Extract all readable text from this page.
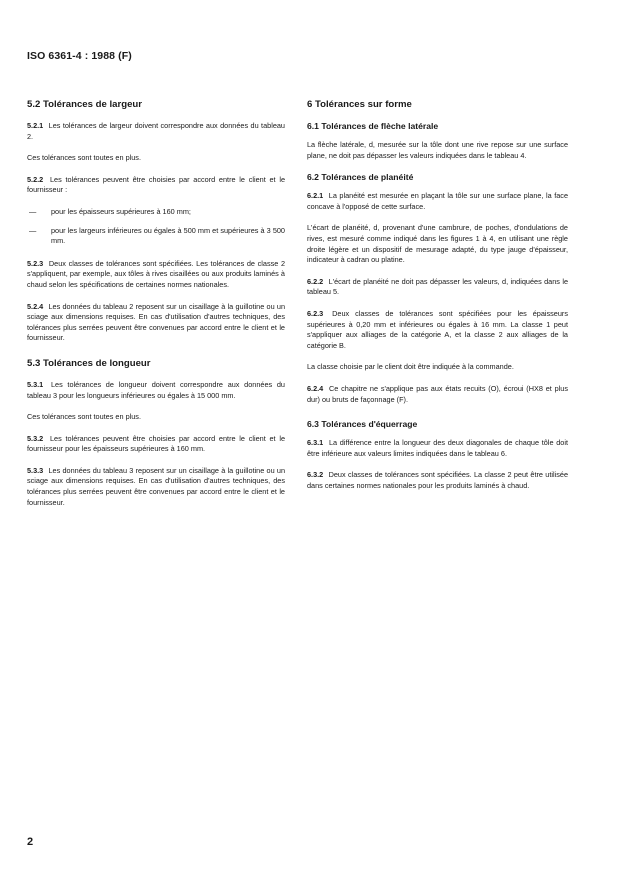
ISO 6361-4 : 1988 (F)
5.2 Tolérances de largeur

5.2.1 Les tolérances de largeur doivent correspondre aux données du tableau 2.

Ces tolérances sont toutes en plus.

5.2.2 Les tolérances peuvent être choisies par accord entre le client et le fournisseur :

—	pour les épaisseurs supérieures à 160 mm;
—	pour les largeurs inférieures ou égales à 500 mm et supérieures à 3 500 mm.

5.2.3 Deux classes de tolérances sont spécifiées. Les tolérances de classe 2 s'appliquent, par exemple, aux tôles à rives cisaillées ou aux produits laminés à chaud selon les spécifications de certaines normes nationales.

5.2.4 Les données du tableau 2 reposent sur un cisaillage à la guillotine ou un sciage aux dimensions requises. En cas d'utilisation d'autres techniques, des tolérances plus serrées peuvent être convenues par accord entre le client et le fournisseur.

5.3 Tolérances de longueur

5.3.1 Les tolérances de longueur doivent correspondre aux données du tableau 3 pour les longueurs inférieures ou égales à 15 000 mm.

Ces tolérances sont toutes en plus.

5.3.2 Les tolérances peuvent être choisies par accord entre le client et le fournisseur pour les épaisseurs supérieures à 160 mm.

5.3.3 Les données du tableau 3 reposent sur un cisaillage à la guillotine ou un sciage aux dimensions requises. En cas d'utilisation d'autres techniques, des tolérances plus serrées peuvent être convenues par accord entre le client et le fournisseur.

6 Tolérances sur forme
6.1 Tolérances de flèche latérale

La flèche latérale, d, mesurée sur la tôle dont une rive repose sur une surface plane, ne doit pas dépasser les valeurs indiquées dans le tableau 4.

6.2 Tolérances de planéité

6.2.1 La planéité est mesurée en plaçant la tôle sur une surface plane, la face concave à l'opposé de cette surface.

L'écart de planéité, d, provenant d'une cambrure, de poches, d'ondulations de rives, est mesuré comme indiqué dans les figures 1 à 4, en utilisant une règle droite légère et un dispositif de mesurage adapté, du type jauge d'épaisseur, indicateur à cadran ou platine.

6.2.2 L'écart de planéité ne doit pas dépasser les valeurs, d, indiquées dans le tableau 5.

6.2.3 Deux classes de tolérances sont spécifiées pour les épaisseurs supérieures à 0,20 mm et inférieures ou égales à 16 mm. La classe 1 peut s'appliquer aux alliages de la catégorie A, et la classe 2 aux alliages de la catégorie B.

La classe choisie par le client doit être indiquée à la commande.

6.2.4 Ce chapitre ne s'applique pas aux états recuits (O), écroui (HX8 et plus dur) ou bruts de façonnage (F).

6.3 Tolérances d'équerrage

6.3.1 La différence entre la longueur des deux diagonales de chaque tôle doit être inférieure aux valeurs limites indiquées dans le tableau 6.

6.3.2 Deux classes de tolérances sont spécifiées. La classe 2 peut être utilisée dans certaines normes nationales pour les produits laminés à chaud.

2
